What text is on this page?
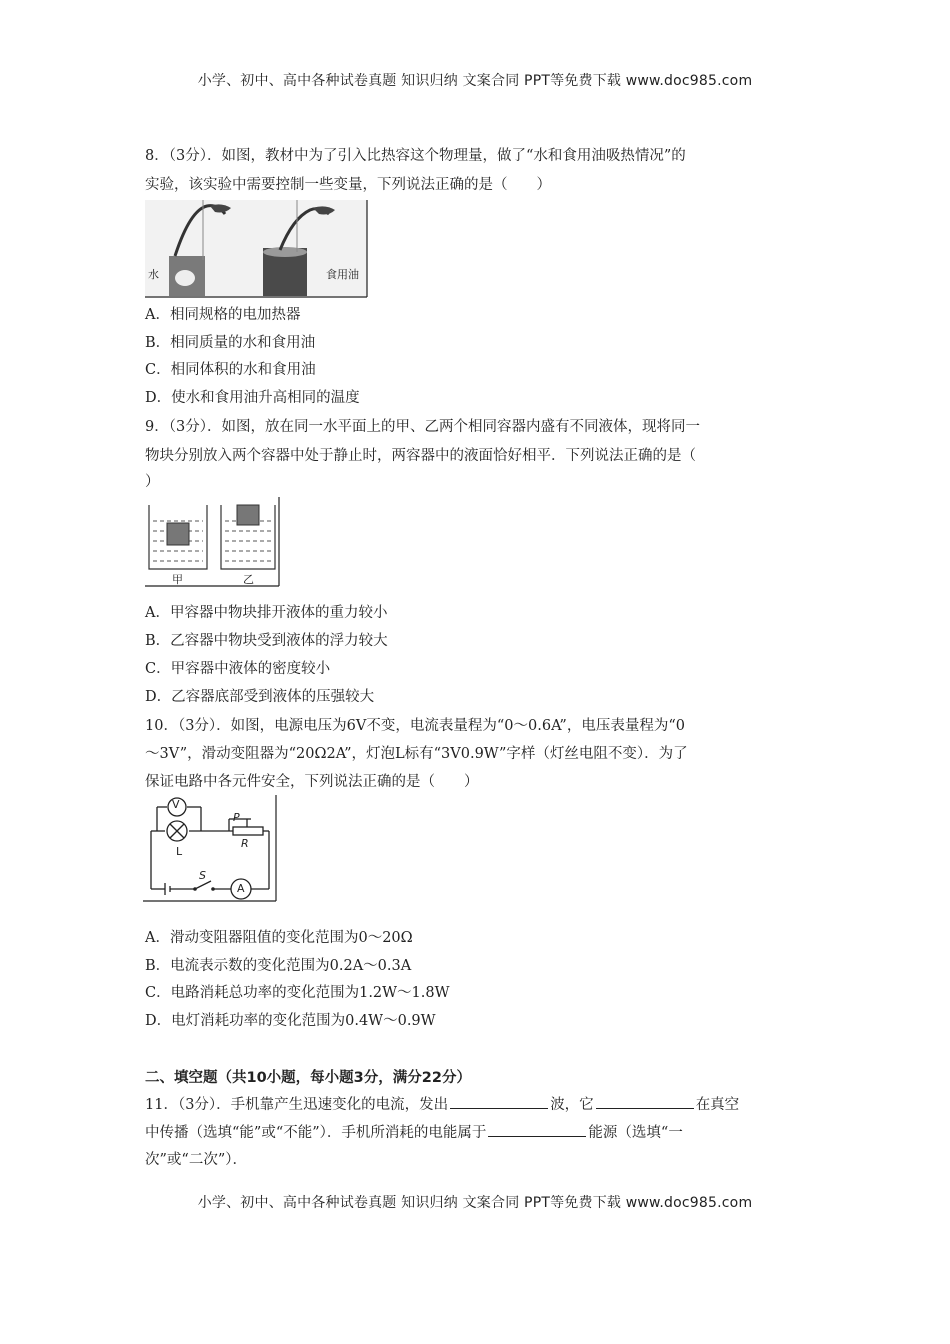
小学、初中、高中各种试卷真题 知识归纳 文案合同 PPT等免费下载 www.doc985.com
8．（3分）．如图，教材中为了引入比热容这个物理量，做了“水和食用油吸热情况”的
实验，该实验中需要控制一些变量，下列说法正确的是（　　）
水	食用油
A．相同规格的电加热器
B．相同质量的水和食用油
C．相同体积的水和食用油
D．使水和食用油升高相同的温度
9．（3分）．如图，放在同一水平面上的甲、乙两个相同容器内盛有不同液体，现将同一
物块分别放入两个容器中处于静止时，两容器中的液面恰好相平．下列说法正确的是（
）
甲	乙
A．甲容器中物块排开液体的重力较小
B．乙容器中物块受到液体的浮力较大
C．甲容器中液体的密度较小
D．乙容器底部受到液体的压强较大
10．（3分）．如图，电源电压为6V不变，电流表量程为“0～0.6A”，电压表量程为“0
～3V”，滑动变阻器为“20Ω2A”，灯泡L标有“3V0.9W”字样（灯丝电阻不变）．为了
保证电路中各元件安全，下列说法正确的是（　　）
V
L
P
R
S
A
A．滑动变阻器阻值的变化范围为0～20Ω
B．电流表示数的变化范围为0.2A～0.3A
C．电路消耗总功率的变化范围为1.2W～1.8W
D．电灯消耗功率的变化范围为0.4W～0.9W
二、填空题（共10小题，每小题3分，满分22分）
11．（3分）．手机靠产生迅速变化的电流，发出	波，它	在真空
中传播（选填“能”或“不能”）．手机所消耗的电能属于	能源（选填“一
次”或“二次”）．
小学、初中、高中各种试卷真题 知识归纳 文案合同 PPT等免费下载 www.doc985.com
